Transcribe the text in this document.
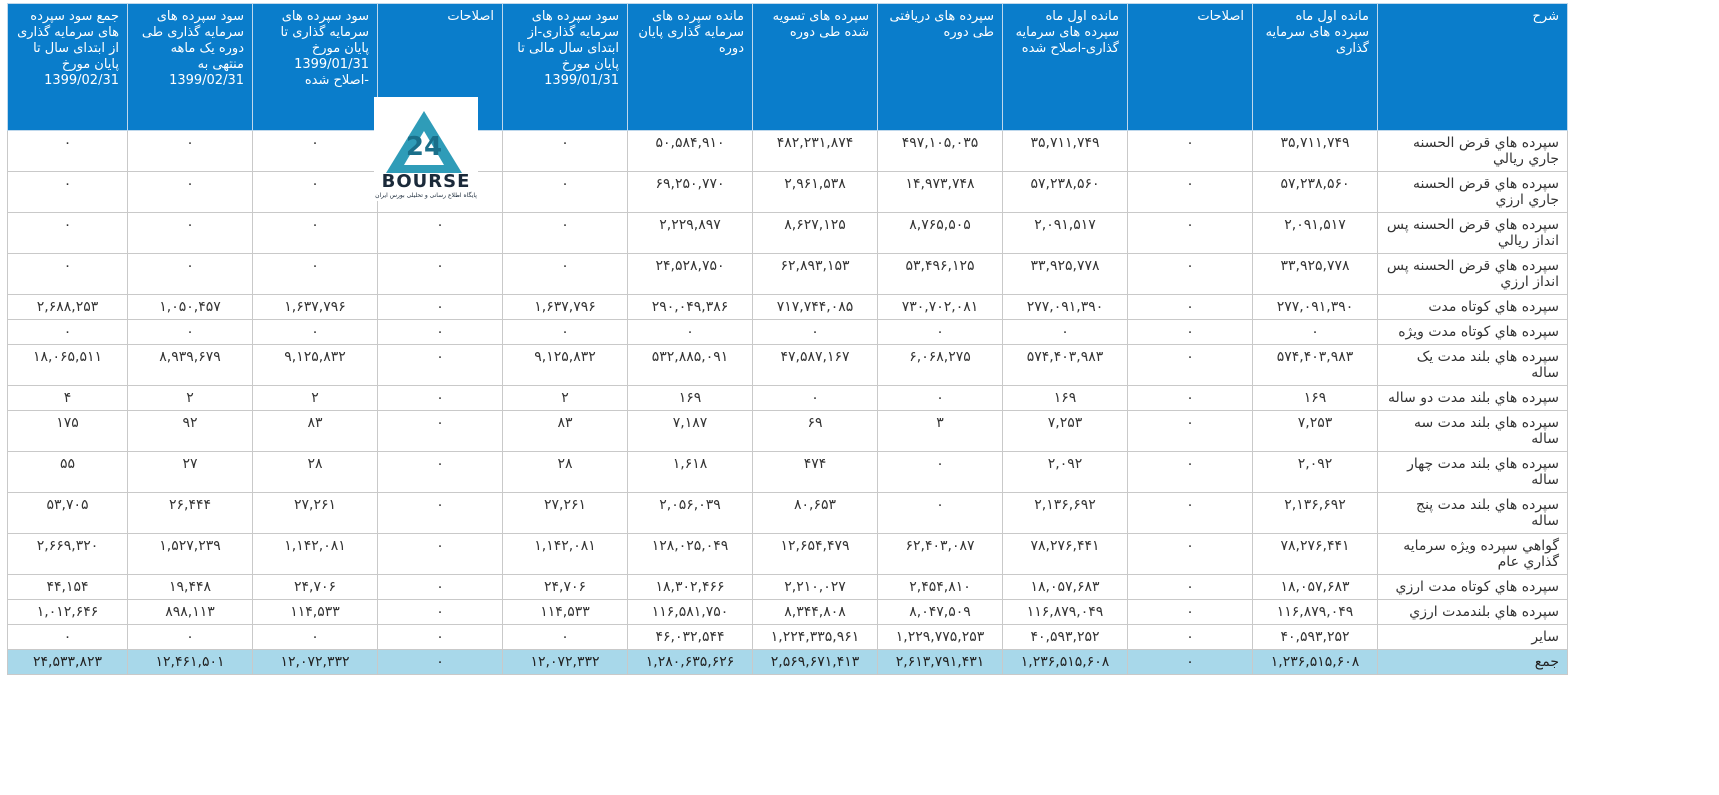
شرح	مانده اول ماه سپرده های سرمایه گذاری	اصلاحات	مانده اول ماه سپرده های سرمایه گذاری-اصلاح شده	سپرده های دریافتی طی دوره	سپرده های تسویه شده طی دوره	مانده سپرده های سرمایه گذاری پایان دوره	سود سپرده های سرمایه گذاری-از ابتدای سال مالی تا پایان مورخ 1399/01/31	اصلاحات	سود سپرده های سرمایه گذاری تا پایان مورخ 1399/01/31 -اصلاح شده	سود سپرده های سرمایه گذاری طی دوره یک ماهه منتهی به 1399/02/31	جمع سود سپرده های سرمایه گذاری از ابتدای سال تا پایان مورخ 1399/02/31
سپرده هاي قرض الحسنه جاري ريالي	۳۵,۷۱۱,۷۴۹	۰	۳۵,۷۱۱,۷۴۹	۴۹۷,۱۰۵,۰۳۵	۴۸۲,۲۳۱,۸۷۴	۵۰,۵۸۴,۹۱۰	۰		۰	۰	۰
سپرده هاي قرض الحسنه جاري ارزي	۵۷,۲۳۸,۵۶۰	۰	۵۷,۲۳۸,۵۶۰	۱۴,۹۷۳,۷۴۸	۲,۹۶۱,۵۳۸	۶۹,۲۵۰,۷۷۰	۰		۰	۰	۰
سپرده هاي قرض الحسنه پس انداز ريالي	۲,۰۹۱,۵۱۷	۰	۲,۰۹۱,۵۱۷	۸,۷۶۵,۵۰۵	۸,۶۲۷,۱۲۵	۲,۲۲۹,۸۹۷	۰	۰	۰	۰	۰
سپرده هاي قرض الحسنه پس انداز ارزي	۳۳,۹۲۵,۷۷۸	۰	۳۳,۹۲۵,۷۷۸	۵۳,۴۹۶,۱۲۵	۶۲,۸۹۳,۱۵۳	۲۴,۵۲۸,۷۵۰	۰	۰	۰	۰	۰
سپرده هاي کوتاه مدت	۲۷۷,۰۹۱,۳۹۰	۰	۲۷۷,۰۹۱,۳۹۰	۷۳۰,۷۰۲,۰۸۱	۷۱۷,۷۴۴,۰۸۵	۲۹۰,۰۴۹,۳۸۶	۱,۶۳۷,۷۹۶	۰	۱,۶۳۷,۷۹۶	۱,۰۵۰,۴۵۷	۲,۶۸۸,۲۵۳
سپرده هاي کوتاه مدت ويژه	۰	۰	۰	۰	۰	۰	۰	۰	۰	۰	۰
سپرده هاي بلند مدت يک ساله	۵۷۴,۴۰۳,۹۸۳	۰	۵۷۴,۴۰۳,۹۸۳	۶,۰۶۸,۲۷۵	۴۷,۵۸۷,۱۶۷	۵۳۲,۸۸۵,۰۹۱	۹,۱۲۵,۸۳۲	۰	۹,۱۲۵,۸۳۲	۸,۹۳۹,۶۷۹	۱۸,۰۶۵,۵۱۱
سپرده هاي بلند مدت دو ساله	۱۶۹	۰	۱۶۹	۰	۰	۱۶۹	۲	۰	۲	۲	۴
سپرده هاي بلند مدت سه ساله	۷,۲۵۳	۰	۷,۲۵۳	۳	۶۹	۷,۱۸۷	۸۳	۰	۸۳	۹۲	۱۷۵
سپرده هاي بلند مدت چهار ساله	۲,۰۹۲	۰	۲,۰۹۲	۰	۴۷۴	۱,۶۱۸	۲۸	۰	۲۸	۲۷	۵۵
سپرده هاي بلند مدت پنج ساله	۲,۱۳۶,۶۹۲	۰	۲,۱۳۶,۶۹۲	۰	۸۰,۶۵۳	۲,۰۵۶,۰۳۹	۲۷,۲۶۱	۰	۲۷,۲۶۱	۲۶,۴۴۴	۵۳,۷۰۵
گواهي سپرده ويژه سرمايه گذاري عام	۷۸,۲۷۶,۴۴۱	۰	۷۸,۲۷۶,۴۴۱	۶۲,۴۰۳,۰۸۷	۱۲,۶۵۴,۴۷۹	۱۲۸,۰۲۵,۰۴۹	۱,۱۴۲,۰۸۱	۰	۱,۱۴۲,۰۸۱	۱,۵۲۷,۲۳۹	۲,۶۶۹,۳۲۰
سپرده هاي کوتاه مدت ارزي	۱۸,۰۵۷,۶۸۳	۰	۱۸,۰۵۷,۶۸۳	۲,۴۵۴,۸۱۰	۲,۲۱۰,۰۲۷	۱۸,۳۰۲,۴۶۶	۲۴,۷۰۶	۰	۲۴,۷۰۶	۱۹,۴۴۸	۴۴,۱۵۴
سپرده هاي بلندمدت ارزي	۱۱۶,۸۷۹,۰۴۹	۰	۱۱۶,۸۷۹,۰۴۹	۸,۰۴۷,۵۰۹	۸,۳۴۴,۸۰۸	۱۱۶,۵۸۱,۷۵۰	۱۱۴,۵۳۳	۰	۱۱۴,۵۳۳	۸۹۸,۱۱۳	۱,۰۱۲,۶۴۶
ساير	۴۰,۵۹۳,۲۵۲	۰	۴۰,۵۹۳,۲۵۲	۱,۲۲۹,۷۷۵,۲۵۳	۱,۲۲۴,۳۳۵,۹۶۱	۴۶,۰۳۲,۵۴۴	۰	۰	۰	۰	۰
جمع	۱,۲۳۶,۵۱۵,۶۰۸	۰	۱,۲۳۶,۵۱۵,۶۰۸	۲,۶۱۳,۷۹۱,۴۳۱	۲,۵۶۹,۶۷۱,۴۱۳	۱,۲۸۰,۶۳۵,۶۲۶	۱۲,۰۷۲,۳۳۲	۰	۱۲,۰۷۲,۳۳۲	۱۲,۴۶۱,۵۰۱	۲۴,۵۳۳,۸۲۳
24
BOURSE
پایگاه اطلاع رسانی و تحلیلی بورس ایران
